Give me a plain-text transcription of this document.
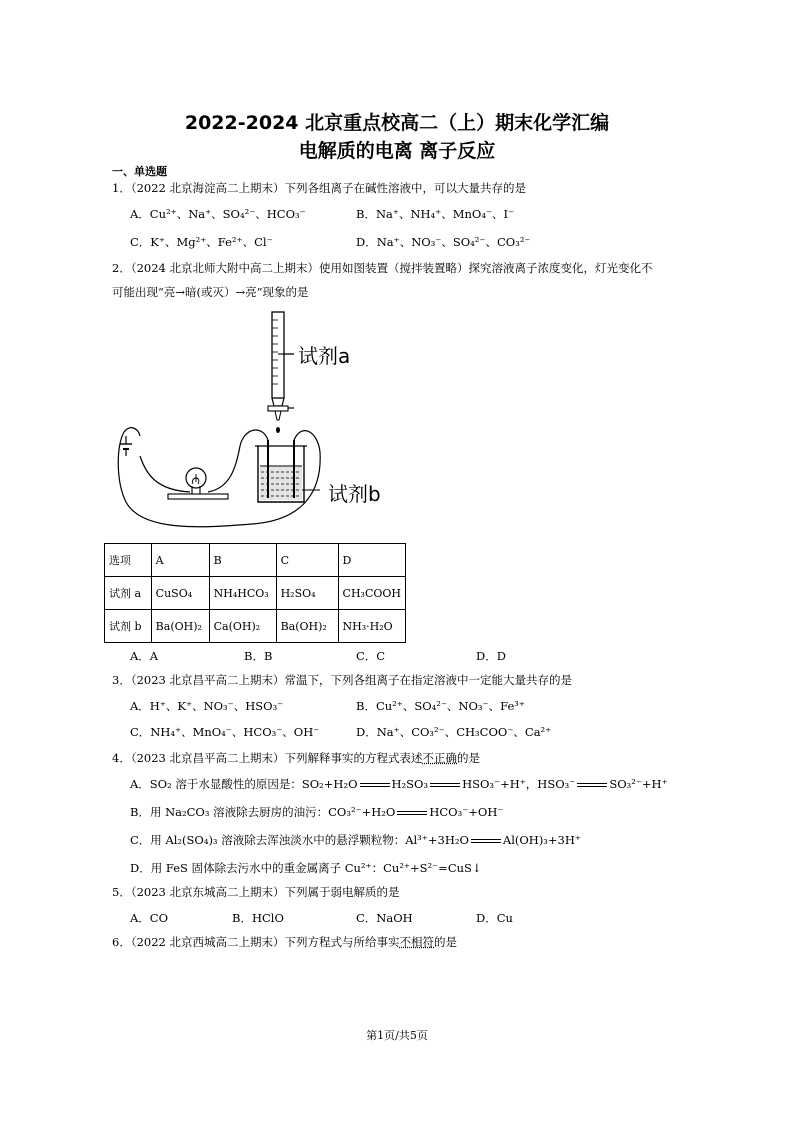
2022-2024 北京重点校高二（上）期末化学汇编
电解质的电离 离子反应
一、单选题
1．（2022 北京海淀高二上期末）下列各组离子在碱性溶液中，可以大量共存的是
A．Cu²⁺、Na⁺、SO₄²⁻、HCO₃⁻	B．Na⁺、NH₄⁺、MnO₄⁻、I⁻
C．K⁺、Mg²⁺、Fe²⁺、Cl⁻	D．Na⁺、NO₃⁻、SO₄²⁻、CO₃²⁻
2．（2024 北京北师大附中高二上期末）使用如图装置（搅拌装置略）探究溶液离子浓度变化，灯光变化不
可能出现“亮→暗(或灭）→亮”现象的是
试剂a
试剂b
选项	A	B	C	D
试剂 a	CuSO₄	NH₄HCO₃	H₂SO₄	CH₃COOH
试剂 b	Ba(OH)₂	Ca(OH)₂	Ba(OH)₂	NH₃·H₂O
A．A	B．B	C．C	D．D
3．（2023 北京昌平高二上期末）常温下，下列各组离子在指定溶液中一定能大量共存的是
A．H⁺、K⁺、NO₃⁻、HSO₃⁻	B．Cu²⁺、SO₄²⁻、NO₃⁻、Fe³⁺
C．NH₄⁺、MnO₄⁻、HCO₃⁻、OH⁻	D．Na⁺、CO₃²⁻、CH₃COO⁻、Ca²⁺
4．（2023 北京昌平高二上期末）下列解释事实的方程式表述不正确的是
A．SO₂ 溶于水显酸性的原因是：SO₂+H₂O	H₂SO₃	HSO₃⁻+H⁺，HSO₃⁻	SO₃²⁻+H⁺
B．用 Na₂CO₃ 溶液除去厨房的油污：CO₃²⁻+H₂O	HCO₃⁻+OH⁻
C．用 Al₂(SO₄)₃ 溶液除去浑浊淡水中的悬浮颗粒物：Al³⁺+3H₂O	Al(OH)₃+3H⁺
D．用 FeS 固体除去污水中的重金属离子 Cu²⁺：Cu²⁺+S²⁻=CuS↓
5．（2023 北京东城高二上期末）下列属于弱电解质的是
A．CO	B．HClO	C．NaOH	D．Cu
6．（2022 北京西城高二上期末）下列方程式与所给事实不相符的是
第1页/共5页
